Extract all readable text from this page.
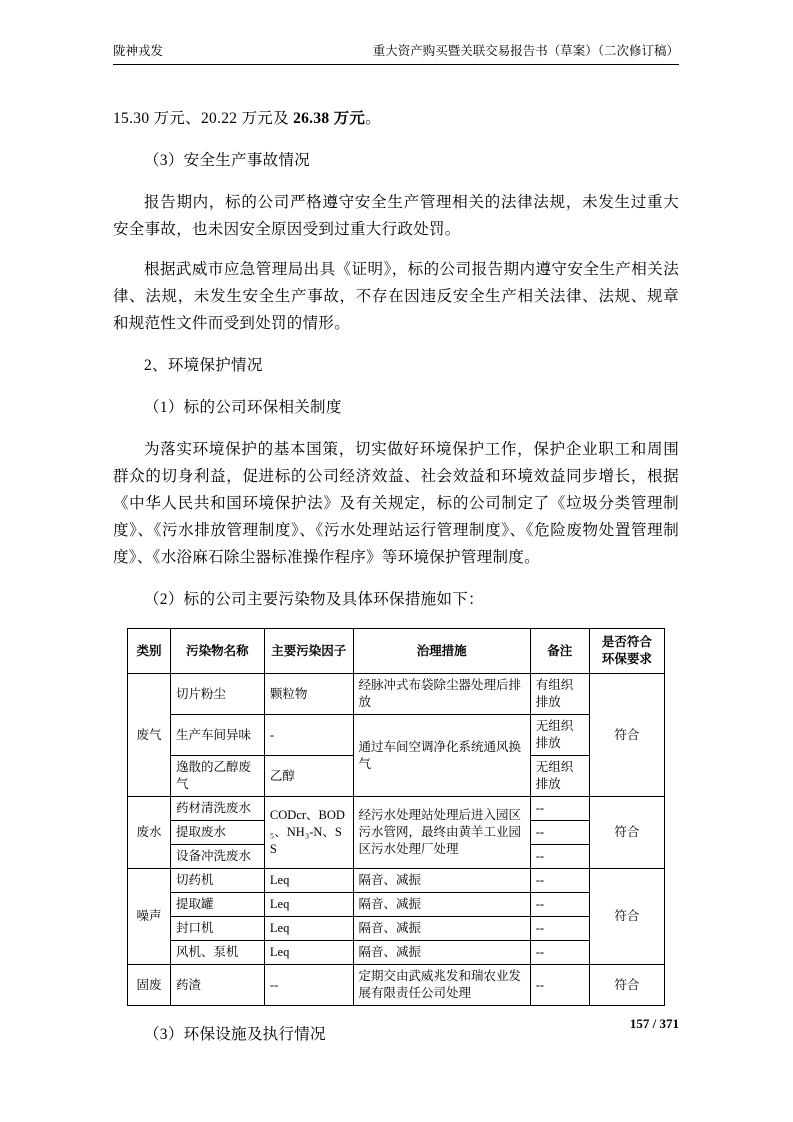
陇神戎发	重大资产购买暨关联交易报告书（草案）（二次修订稿）

15.30 万元、20.22 万元及 26.38 万元。

（3）安全生产事故情况

报告期内，标的公司严格遵守安全生产管理相关的法律法规，未发生过重大安全事故，也未因安全原因受到过重大行政处罚。

根据武威市应急管理局出具《证明》，标的公司报告期内遵守安全生产相关法律、法规，未发生安全生产事故，不存在因违反安全生产相关法律、法规、规章和规范性文件而受到处罚的情形。

2、环境保护情况

（1）标的公司环保相关制度

为落实环境保护的基本国策，切实做好环境保护工作，保护企业职工和周围群众的切身利益，促进标的公司经济效益、社会效益和环境效益同步增长，根据《中华人民共和国环境保护法》及有关规定，标的公司制定了《垃圾分类管理制度》、《污水排放管理制度》、《污水处理站运行管理制度》、《危险废物处置管理制度》、《水浴麻石除尘器标准操作程序》等环境保护管理制度。

（2）标的公司主要污染物及具体环保措施如下：

类别	污染物名称	主要污染因子	治理措施	备注	是否符合
环保要求
废气	切片粉尘	颗粒物	经脉冲式布袋除尘器处理后排放	有组织排放	符合
	生产车间异味	-	通过车间空调净化系统通风换气	无组织排放	
	逸散的乙醇废气	乙醇		无组织排放	
废水	药材清洗废水	CODcr、BOD₅、NH₃-N、SS	经污水处理站处理后进入园区污水管网，最终由黄羊工业园区污水处理厂处理	--	符合
	提取废水			--	
	设备冲洗废水			--	
噪声	切药机	Leq	隔音、减振	--	符合
	提取罐	Leq	隔音、减振	--	
	封口机	Leq	隔音、减振	--	
	风机、泵机	Leq	隔音、减振	--	
固废	药渣	--	定期交由武威兆发和瑞农业发展有限责任公司处理	--	符合

（3）环保设施及执行情况

157 / 371
